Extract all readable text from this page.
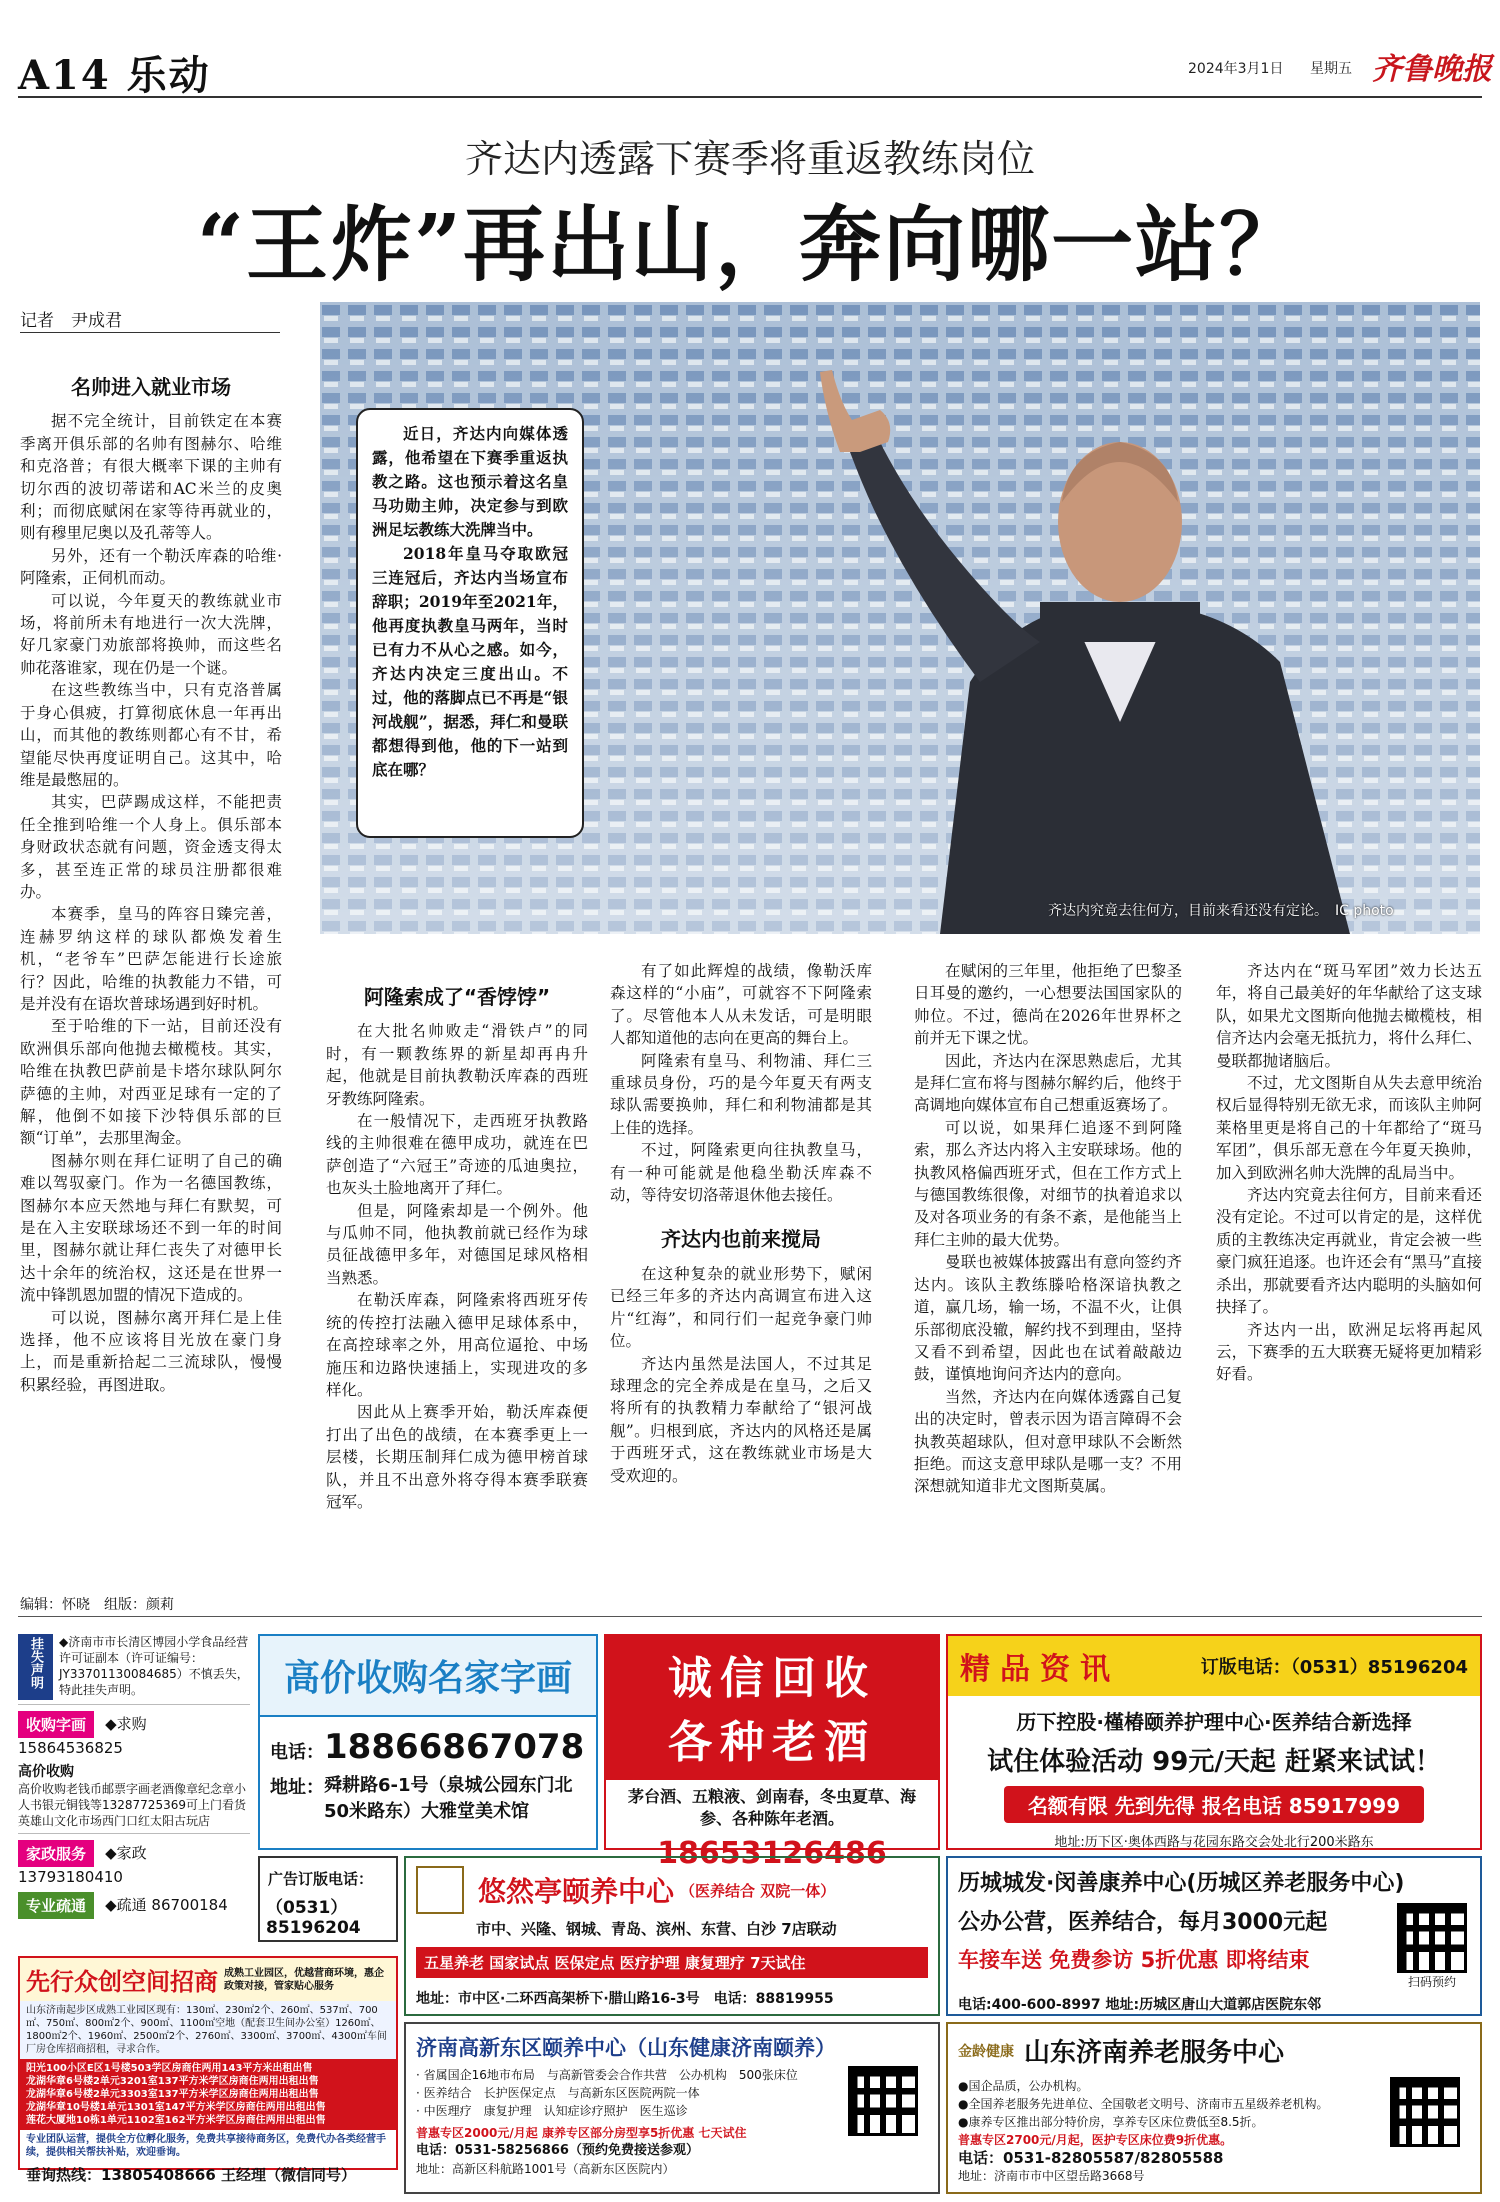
A14 乐动	2024年3月1日 星期五 齐鲁晚报
齐达内透露下赛季将重返教练岗位
“王炸”再出山，奔向哪一站？
记者　尹成君
齐达内究竟去往何方，目前来看还没有定论。　IC photo

近日，齐达内向媒体透露，他希望在下赛季重返执教之路。这也预示着这名皇马功勋主帅，决定参与到欧洲足坛教练大洗牌当中。

2018年皇马夺取欧冠三连冠后，齐达内当场宣布辞职；2019年至2021年，他再度执教皇马两年，当时已有力不从心之感。如今，齐达内决定三度出山。不过，他的落脚点已不再是“银河战舰”，据悉，拜仁和曼联都想得到他，他的下一站到底在哪？

名帅进入就业市场

据不完全统计，目前铁定在本赛季离开俱乐部的名帅有图赫尔、哈维和克洛普；有很大概率下课的主帅有切尔西的波切蒂诺和AC米兰的皮奥利；而彻底赋闲在家等待再就业的，则有穆里尼奥以及孔蒂等人。

另外，还有一个勒沃库森的哈维·阿隆索，正伺机而动。

可以说，今年夏天的教练就业市场，将前所未有地进行一次大洗牌，好几家豪门劝旅部将换帅，而这些名帅花落谁家，现在仍是一个谜。

在这些教练当中，只有克洛普属于身心俱疲，打算彻底休息一年再出山，而其他的教练则都心有不甘，希望能尽快再度证明自己。这其中，哈维是最憋屈的。

其实，巴萨踢成这样，不能把责任全推到哈维一个人身上。俱乐部本身财政状态就有问题，资金透支得太多，甚至连正常的球员注册都很难办。

本赛季，皇马的阵容日臻完善，连赫罗纳这样的球队都焕发着生机，“老爷车”巴萨怎能进行长途旅行？因此，哈维的执教能力不错，可是并没有在语坎普球场遇到好时机。

至于哈维的下一站，目前还没有欧洲俱乐部向他抛去橄榄枝。其实，哈维在执教巴萨前是卡塔尔球队阿尔萨德的主帅，对西亚足球有一定的了解，他倒不如接下沙特俱乐部的巨额“订单”，去那里淘金。

图赫尔则在拜仁证明了自己的确难以驾驭豪门。作为一名德国教练，图赫尔本应天然地与拜仁有默契，可是在入主安联球场还不到一年的时间里，图赫尔就让拜仁丧失了对德甲长达十余年的统治权，这还是在世界一流中锋凯恩加盟的情况下造成的。

可以说，图赫尔离开拜仁是上佳选择，他不应该将目光放在豪门身上，而是重新拾起二三流球队，慢慢积累经验，再图进取。

阿隆索成了“香饽饽”

在大批名帅败走“滑铁卢”的同时，有一颗教练界的新星却再冉升起，他就是目前执教勒沃库森的西班牙教练阿隆索。

在一般情况下，走西班牙执教路线的主帅很难在德甲成功，就连在巴萨创造了“六冠王”奇迹的瓜迪奥拉，也灰头土脸地离开了拜仁。

但是，阿隆索却是一个例外。他与瓜帅不同，他执教前就已经作为球员征战德甲多年，对德国足球风格相当熟悉。

在勒沃库森，阿隆索将西班牙传统的传控打法融入德甲足球体系中，在高控球率之外，用高位逼抢、中场施压和边路快速插上，实现进攻的多样化。

因此从上赛季开始，勒沃库森便打出了出色的战绩，在本赛季更上一层楼，长期压制拜仁成为德甲榜首球队，并且不出意外将夺得本赛季联赛冠军。

有了如此辉煌的战绩，像勒沃库森这样的“小庙”，可就容不下阿隆索了。尽管他本人从未发话，可是明眼人都知道他的志向在更高的舞台上。

阿隆索有皇马、利物浦、拜仁三重球员身份，巧的是今年夏天有两支球队需要换帅，拜仁和利物浦都是其上佳的选择。

不过，阿隆索更向往执教皇马，有一种可能就是他稳坐勒沃库森不动，等待安切洛蒂退休他去接任。

齐达内也前来搅局

在这种复杂的就业形势下，赋闲已经三年多的齐达内高调宣布进入这片“红海”，和同行们一起竞争豪门帅位。

齐达内虽然是法国人，不过其足球理念的完全养成是在皇马，之后又将所有的执教精力奉献给了“银河战舰”。归根到底，齐达内的风格还是属于西班牙式，这在教练就业市场是大受欢迎的。

在赋闲的三年里，他拒绝了巴黎圣日耳曼的邀约，一心想要法国国家队的帅位。不过，德尚在2026年世界杯之前并无下课之忧。

因此，齐达内在深思熟虑后，尤其是拜仁宣布将与图赫尔解约后，他终于高调地向媒体宣布自己想重返赛场了。

可以说，如果拜仁追逐不到阿隆索，那么齐达内将入主安联球场。他的执教风格偏西班牙式，但在工作方式上与德国教练很像，对细节的执着追求以及对各项业务的有条不紊，是他能当上拜仁主帅的最大优势。

曼联也被媒体披露出有意向签约齐达内。该队主教练滕哈格深谙执教之道，赢几场，输一场，不温不火，让俱乐部彻底没辙，解约找不到理由，坚持又看不到希望，因此也在试着敲敲边鼓，谨慎地询问齐达内的意向。

当然，齐达内在向媒体透露自己复出的决定时，曾表示因为语言障碍不会执教英超球队，但对意甲球队不会断然拒绝。而这支意甲球队是哪一支？不用深想就知道非尤文图斯莫属。

齐达内在“斑马军团”效力长达五年，将自己最美好的年华献给了这支球队，如果尤文图斯向他抛去橄榄枝，相信齐达内会毫无抵抗力，将什么拜仁、曼联都抛诸脑后。

不过，尤文图斯自从失去意甲统治权后显得特别无欲无求，而该队主帅阿莱格里更是将自己的十年都给了“斑马军团”，俱乐部无意在今年夏天换帅，加入到欧洲名帅大洗牌的乱局当中。

齐达内究竟去往何方，目前来看还没有定论。不过可以肯定的是，这样优质的主教练决定再就业，肯定会被一些豪门疯狂追逐。也许还会有“黑马”直接杀出，那就要看齐达内聪明的头脑如何抉择了。

齐达内一出，欧洲足坛将再起风云，下赛季的五大联赛无疑将更加精彩好看。

编辑：怀晓　组版：颜莉
挂失声明	◆济南市市长清区博园小学食品经营许可证副本（许可证编号：JY33701130084685）不慎丢失，特此挂失声明。
收购字画 ◆求购 15864536825
高价收购
高价收购老钱币邮票字画老酒像章纪念章小人书银元铜钱等13287725369可上门看货英雄山文化市场西门口红太阳古玩店
家政服务 ◆家政 13793180410
专业疏通 ◆疏通 86700184
高价收购名家字画
电话：18866867078
地址： 舜耕路6-1号（泉城公园东门北50米路东）大雅堂美术馆
诚信回收
各种老酒
茅台酒、五粮液、剑南春，冬虫夏草、海参、各种陈年老酒。
18653126486
精品资讯	订版电话：（0531）85196204
历下控股·槿椿颐养护理中心·医养结合新选择
试住体验活动 99元/天起 赶紧来试试！
名额有限 先到先得 报名电话 85917999
地址:历下区·奥体西路与花园东路交会处北行200米路东
广告订版电话：
（0531）85196204
悠然亭颐养中心 （医养结合 双院一体）
市中、兴隆、钢城、青岛、滨州、东营、白沙 7店联动
五星养老 国家试点 医保定点 医疗护理 康复理疗 7天试住
地址：市中区·二环西高架桥下·腊山路16-3号　电话：88819955
历城城发·闵善康养中心(历城区养老服务中心)
公办公营，医养结合，每月3000元起
车接车送 免费参访 5折优惠 即将结束
扫码预约
电话:400-600-8997 地址:历城区唐山大道郭店医院东邻
先行众创空间招商 成熟工业园区，优越营商环境，惠企政策对接，管家贴心服务
山东济南起步区成熟工业园区现有：130㎡、230㎡2个、260㎡、537㎡、700㎡、750㎡、800㎡2个、900㎡、1100㎡空地（配套卫生间办公室）1260㎡、1800㎡2个、1960㎡、2500㎡2个、2760㎡、3300㎡、3700㎡、4300㎡车间厂房仓库招商招租，寻求合作。
阳光100小区E区1号楼503学区房商住两用143平方米出租出售
龙湖华章6号楼2单元3201室137平方米学区房商住两用出租出售
龙湖华章6号楼2单元3303室137平方米学区房商住两用出租出售
龙湖华章10号楼1单元1301室147平方米学区房商住两用出租出售
莲花大厦地10栋1单元1102室162平方米学区房商住两用出租出售
专业团队运营，提供全方位孵化服务，免费共享接待商务区，免费代办各类经营手续，提供相关帮扶补贴，欢迎垂询。
垂询热线：13805408666 王经理（微信同号）
济南高新东区颐养中心（山东健康济南颐养）
· 省属国企16地市布局　与高新管委会合作共营　公办机构　500张床位
· 医养结合　长护医保定点　与高新东区医院两院一体
· 中医理疗　康复护理　认知症诊疗照护　医生巡诊
普惠专区2000元/月起 康养专区部分房型享5折优惠 七天试住
电话：0531-58256866（预约免费接送参观）
地址：高新区科航路1001号（高新东区医院内）
金龄健康 山东济南养老服务中心
●国企品质，公办机构。
●全国养老服务先进单位、全国敬老文明号、济南市五星级养老机构。
●康养专区推出部分特价房，享养专区床位费低至8.5折。
普惠专区2700元/月起，医护专区床位费9折优惠。
电话：0531-82805587/82805588
地址：济南市市中区望岳路3668号
